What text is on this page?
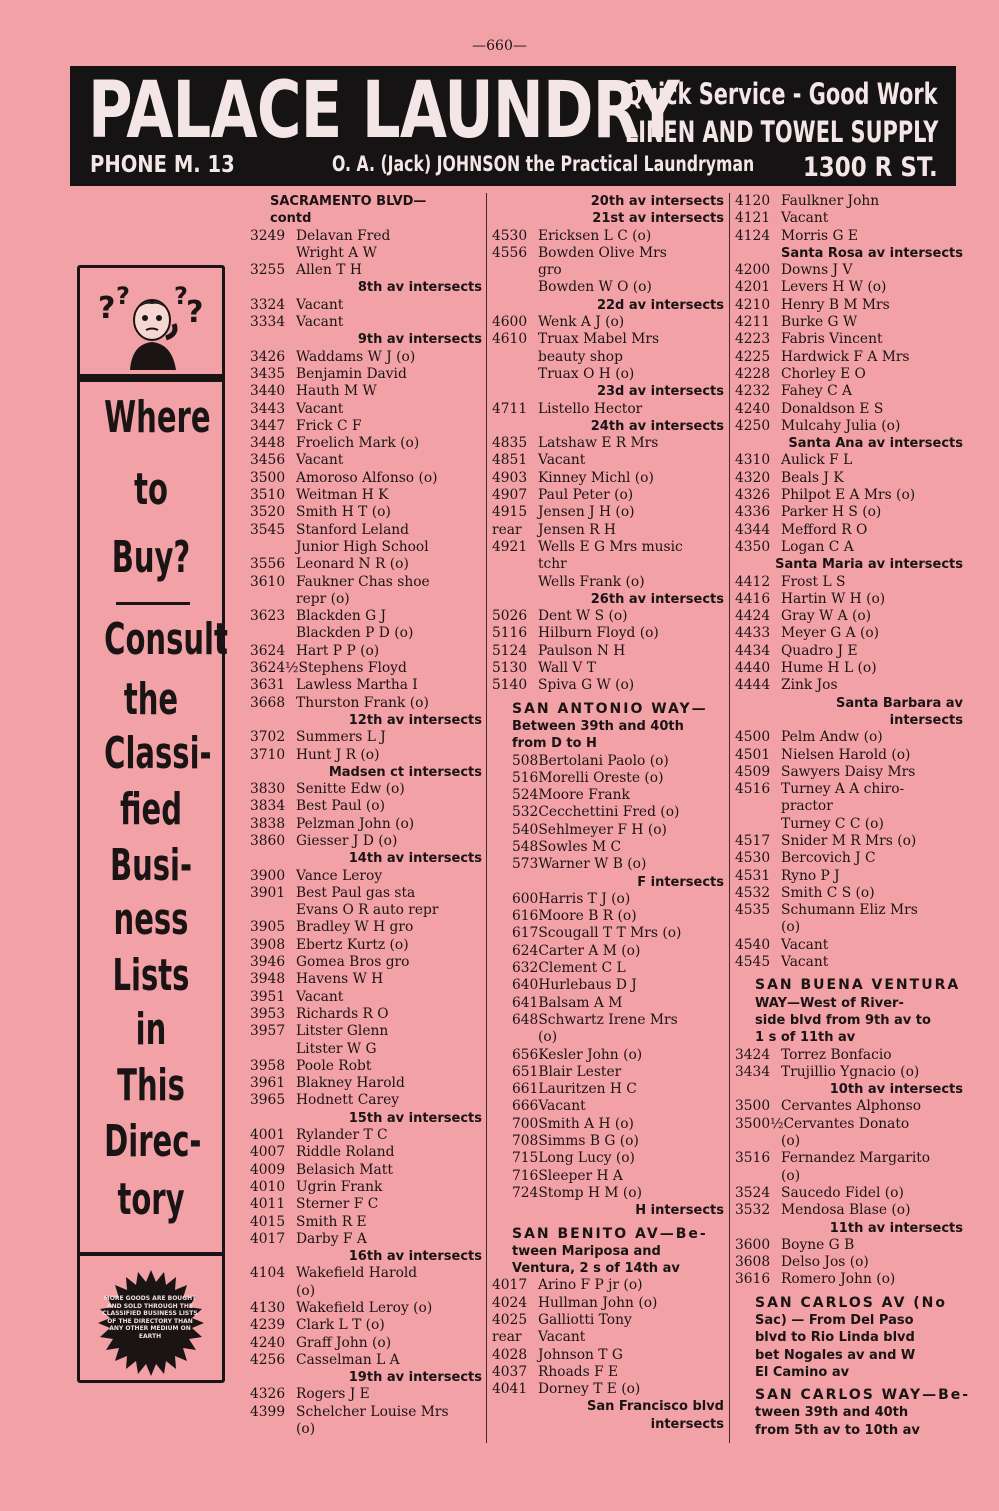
—660—
PALACE LAUNDRY
Quick Service - Good Work
LINEN AND TOWEL SUPPLY
PHONE M. 13	O. A. (Jack) JOHNSON the Practical Laundryman 1300 R ST.
? ? ?
?
Where
to
Buy?
Consult
the
Classi-
fied
Busi-
ness
Lists
in
This
Direc-
tory
MORE GOODS ARE BOUGHT AND SOLD THROUGH THE CLASSIFIED BUSINESS LISTS OF THE DIRECTORY THAN ANY OTHER MEDIUM ON EARTH
SACRAMENTO BLVD—
contd
3249 Delavan Fred
Wright A W
3255 Allen T H
8th av intersects
3324 Vacant
3334 Vacant
9th av intersects
3426 Waddams W J (o)
3435 Benjamin David
3440 Hauth M W
3443 Vacant
3447 Frick C F
3448 Froelich Mark (o)
3456 Vacant
3500 Amoroso Alfonso (o)
3510 Weitman H K
3520 Smith H T (o)
3545 Stanford Leland
Junior High School
3556 Leonard N R (o)
3610 Faukner Chas shoe
repr (o)
3623 Blackden G J
Blackden P D (o)
3624 Hart P P (o)
3624½Stephens Floyd
3631 Lawless Martha I
3668 Thurston Frank (o)
12th av intersects
3702 Summers L J
3710 Hunt J R (o)
Madsen ct intersects
3830 Senitte Edw (o)
3834 Best Paul (o)
3838 Pelzman John (o)
3860 Giesser J D (o)
14th av intersects
3900 Vance Leroy
3901 Best Paul gas sta
Evans O R auto repr
3905 Bradley W H gro
3908 Ebertz Kurtz (o)
3946 Gomea Bros gro
3948 Havens W H
3951 Vacant
3953 Richards R O
3957 Litster Glenn
Litster W G
3958 Poole Robt
3961 Blakney Harold
3965 Hodnett Carey
15th av intersects
4001 Rylander T C
4007 Riddle Roland
4009 Belasich Matt
4010 Ugrin Frank
4011 Sterner F C
4015 Smith R E
4017 Darby F A
16th av intersects
4104 Wakefield Harold
(o)
4130 Wakefield Leroy (o)
4239 Clark L T (o)
4240 Graff John (o)
4256 Casselman L A
19th av intersects
4326 Rogers J E
4399 Schelcher Louise Mrs
(o)
20th av intersects
21st av intersects
4530 Ericksen L C (o)
4556 Bowden Olive Mrs
gro
Bowden W O (o)
22d av intersects
4600 Wenk A J (o)
4610 Truax Mabel Mrs
beauty shop
Truax O H (o)
23d av intersects
4711 Listello Hector
24th av intersects
4835 Latshaw E R Mrs
4851 Vacant
4903 Kinney Michl (o)
4907 Paul Peter (o)
4915 Jensen J H (o)
rear Jensen R H
4921 Wells E G Mrs music
tchr
Wells Frank (o)
26th av intersects
5026 Dent W S (o)
5116 Hilburn Floyd (o)
5124 Paulson N H
5130 Wall V T
5140 Spiva G W (o)
SAN ANTONIO WAY—
Between 39th and 40th
from D to H
508Bertolani Paolo (o)
516Morelli Oreste (o)
524Moore Frank
532Cecchettini Fred (o)
540Sehlmeyer F H (o)
548Sowles M C
573Warner W B (o)
F intersects
600Harris T J (o)
616Moore B R (o)
617Scougall T T Mrs (o)
624Carter A M (o)
632Clement C L
640Hurlebaus D J
641Balsam A M
648Schwartz Irene Mrs
(o)
656Kesler John (o)
651Blair Lester
661Lauritzen H C
666Vacant
700Smith A H (o)
708Simms B G (o)
715Long Lucy (o)
716Sleeper H A
724Stomp H M (o)
H intersects
SAN BENITO AV—Be-
tween Mariposa and
Ventura, 2 s of 14th av
4017 Arino F P jr (o)
4024 Hullman John (o)
4025 Galliotti Tony
rear Vacant
4028 Johnson T G
4037 Rhoads F E
4041 Dorney T E (o)
San Francisco blvd
intersects
4120 Faulkner John
4121 Vacant
4124 Morris G E
Santa Rosa av intersects
4200 Downs J V
4201 Levers H W (o)
4210 Henry B M Mrs
4211 Burke G W
4223 Fabris Vincent
4225 Hardwick F A Mrs
4228 Chorley E O
4232 Fahey C A
4240 Donaldson E S
4250 Mulcahy Julia (o)
Santa Ana av intersects
4310 Aulick F L
4320 Beals J K
4326 Philpot E A Mrs (o)
4336 Parker H S (o)
4344 Mefford R O
4350 Logan C A
Santa Maria av intersects
4412 Frost L S
4416 Hartin W H (o)
4424 Gray W A (o)
4433 Meyer G A (o)
4434 Quadro J E
4440 Hume H L (o)
4444 Zink Jos
Santa Barbara av
intersects
4500 Pelm Andw (o)
4501 Nielsen Harold (o)
4509 Sawyers Daisy Mrs
4516 Turney A A chiro-
practor
Turney C C (o)
4517 Snider M R Mrs (o)
4530 Bercovich J C
4531 Ryno P J
4532 Smith C S (o)
4535 Schumann Eliz Mrs
(o)
4540 Vacant
4545 Vacant
SAN BUENA VENTURA
WAY—West of River-
side blvd from 9th av to
1 s of 11th av
3424 Torrez Bonfacio
3434 Trujillio Ygnacio (o)
10th av intersects
3500 Cervantes Alphonso
3500½Cervantes Donato
(o)
3516 Fernandez Margarito
(o)
3524 Saucedo Fidel (o)
3532 Mendosa Blase (o)
11th av intersects
3600 Boyne G B
3608 Delso Jos (o)
3616 Romero John (o)
SAN CARLOS AV (No
Sac) — From Del Paso
blvd to Rio Linda blvd
bet Nogales av and W
El Camino av
SAN CARLOS WAY—Be-
tween 39th and 40th
from 5th av to 10th av
